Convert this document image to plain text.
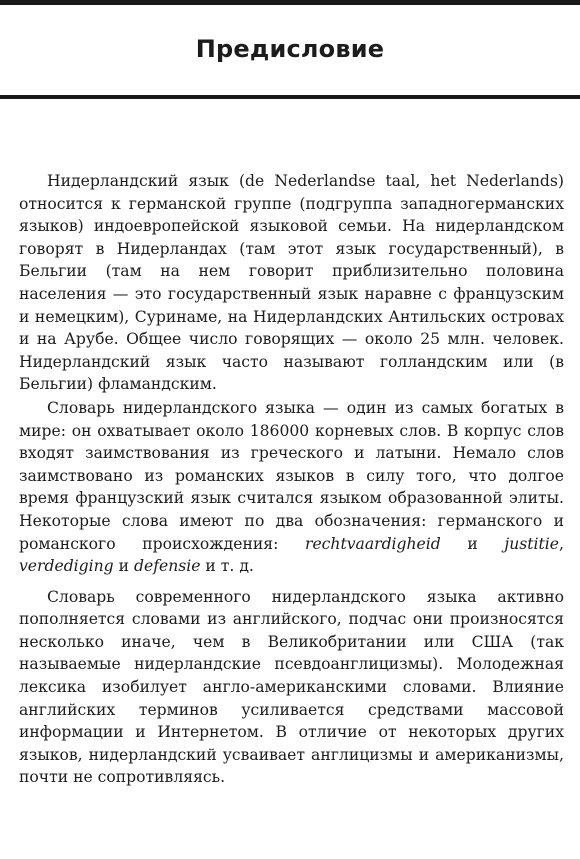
Предисловие

Нидерландский язык (de Nederlandse taal, het Nederlands) относится к германской группе (подгруппа западногерманских языков) индоевропейской языковой семьи. На нидерландском говорят в Нидерландах (там этот язык государственный), в Бельгии (там на нем говорит приблизительно половина населения — это государственный язык наравне с французским и немецким), Суринаме, на Нидерландских Антильских островах и на Арубе. Общее число говорящих — около 25 млн. человек. Нидерландский язык часто называют голландским или (в Бельгии) фламандским.

Словарь нидерландского языка — один из самых богатых в мире: он охватывает около 186000 корневых слов. В корпус слов входят заимствования из греческого и латыни. Немало слов заимствовано из романских языков в силу того, что долгое время французский язык считался языком образованной элиты. Некоторые слова имеют по два обозначения: германского и романского происхождения: rechtvaardigheid и justitie, verdediging и defensie и т. д.

Словарь современного нидерландского языка активно пополняется словами из английского, подчас они произносятся несколько иначе, чем в Великобритании или США (так называемые нидерландские псевдоанглицизмы). Молодежная лексика изобилует англо-американскими словами. Влияние английских терминов усиливается средствами массовой информации и Интернетом. В отличие от некоторых других языков, нидерландский усваивает англицизмы и американизмы, почти не сопротивляясь.
